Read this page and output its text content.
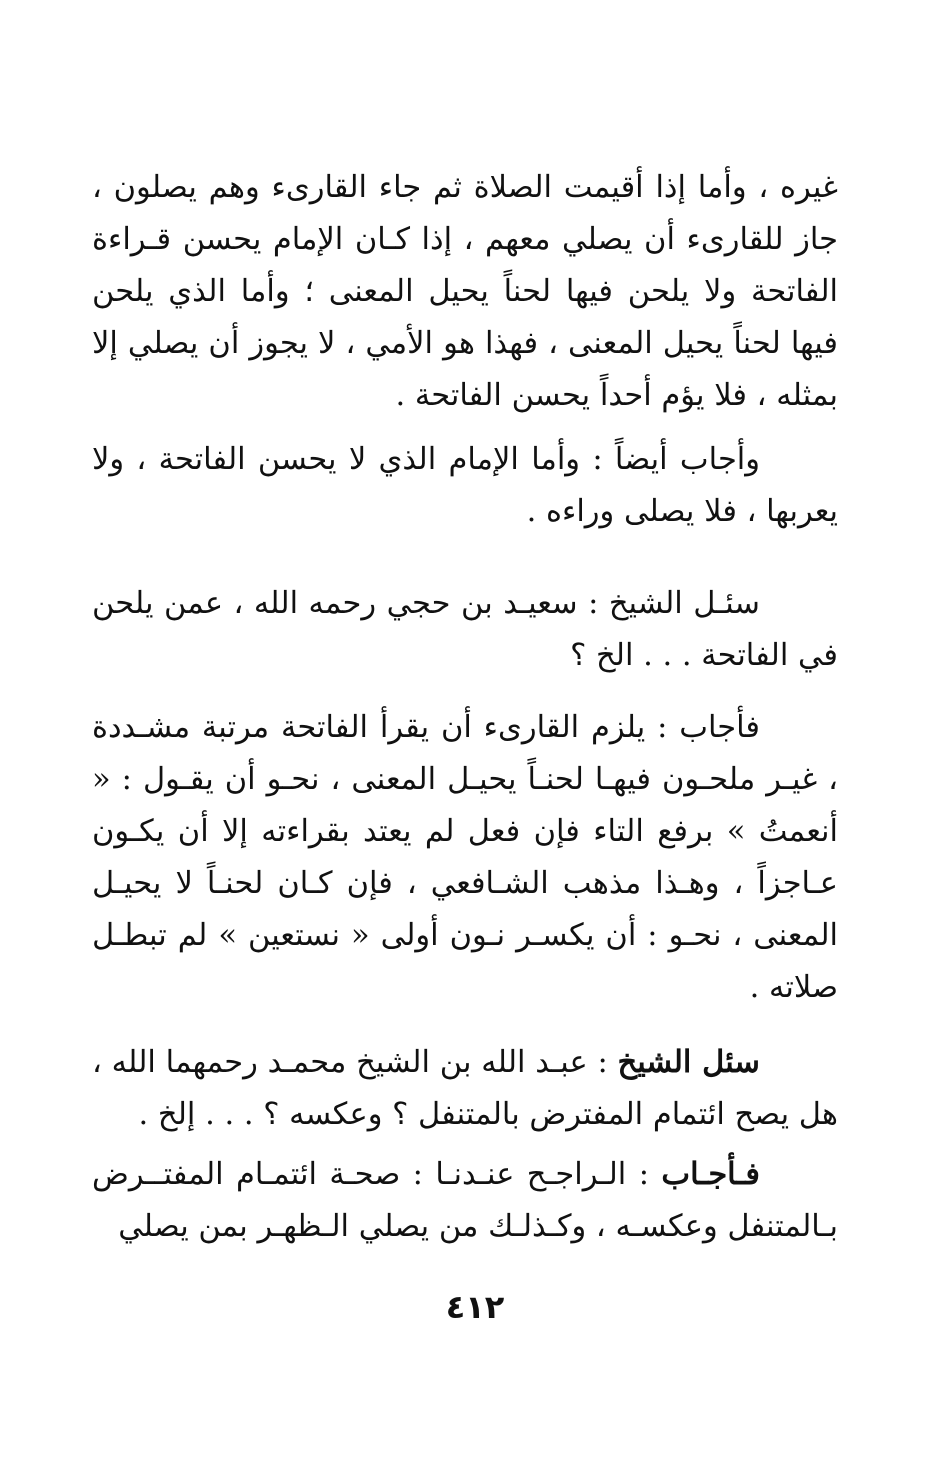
غيره ، وأما إذا أقيمت الصلاة ثم جاء القارىء وهم يصلون ، جاز للقارىء أن يصلي معهم ، إذا كـان الإمام يحسن قـراءة الفاتحة ولا يلحن فيها لحناً يحيل المعنى ؛ وأما الذي يلحن فيها لحناً يحيل المعنى ، فهذا هو الأمي ، لا يجوز أن يصلي إلا بمثله ، فلا يؤم أحداً يحسن الفاتحة .

وأجاب أيضاً : وأما الإمام الذي لا يحسن الفاتحة ، ولا يعربها ، فلا يصلى وراءه .

سئـل الشيخ : سعيـد بن حجي رحمه الله ، عمن يلحن في الفاتحة . . . الخ ؟

فأجاب : يلزم القارىء أن يقرأ الفاتحة مرتبة مشـددة ، غيـر ملحـون فيهـا لحنـاً يحيـل المعنى ، نحـو أن يقـول : « أنعمتُ » برفع التاء فإن فعل لم يعتد بقراءته إلا أن يكـون عـاجزاً ، وهـذا مذهب الشـافعي ، فإن كـان لحنـاً لا يحيـل المعنى ، نحـو : أن يكسـر نـون أولى « نستعين » لم تبطـل صلاته .

سئل الشيخ : عبـد الله بن الشيخ محمـد رحمهما الله ، هل يصح ائتمام المفترض بالمتنفل ؟ وعكسه ؟ . . . إلخ .

فـأجـاب : الـراجـح عنـدنـا : صحـة ائتمـام المفتــرض بـالمتنفل وعكسـه ، وكـذلـك من يصلي الـظهـر بمن يصلي

٤١٢
